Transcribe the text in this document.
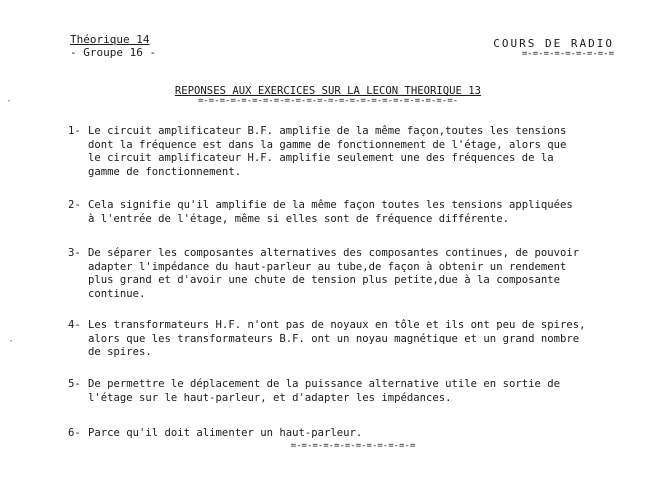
Théorique 14
- Groupe 16 -
COURS DE RADIO
=-=-=-=-=-=-=-=-=
REPONSES AUX EXERCICES SUR LA LECON THEORIQUE 13
=-=-=-=-=-=-=-=-=-=-=-=-=-=-=-=-=-=-=-=-=-=-=-=-
1- Le circuit amplificateur B.F. amplifie de la même façon,toutes les tensions
dont la fréquence est dans la gamme de fonctionnement de l'étage, alors que
le circuit amplificateur H.F. amplifie seulement une des fréquences de la
gamme de fonctionnement.
2- Cela signifie qu'il amplifie de la même façon toutes les tensions appliquées
à l'entrée de l'étage, même si elles sont de fréquence différente.
3- De séparer les composantes alternatives des composantes continues, de pouvoir
adapter l'impédance du haut-parleur au tube,de façon à obtenir un rendement
plus grand et d'avoir une chute de tension plus petite,due à la composante
continue.
4- Les transformateurs H.F. n'ont pas de noyaux en tôle et ils ont peu de spires,
alors que les transformateurs B.F. ont un noyau magnétique et un grand nombre
de spires.
5- De permettre le déplacement de la puissance alternative utile en sortie de
l'étage sur le haut-parleur, et d'adapter les impédances.
6- Parce qu'il doit alimenter un haut-parleur.
=-=-=-=-=-=-=-=-=-=-=-=
·
·
